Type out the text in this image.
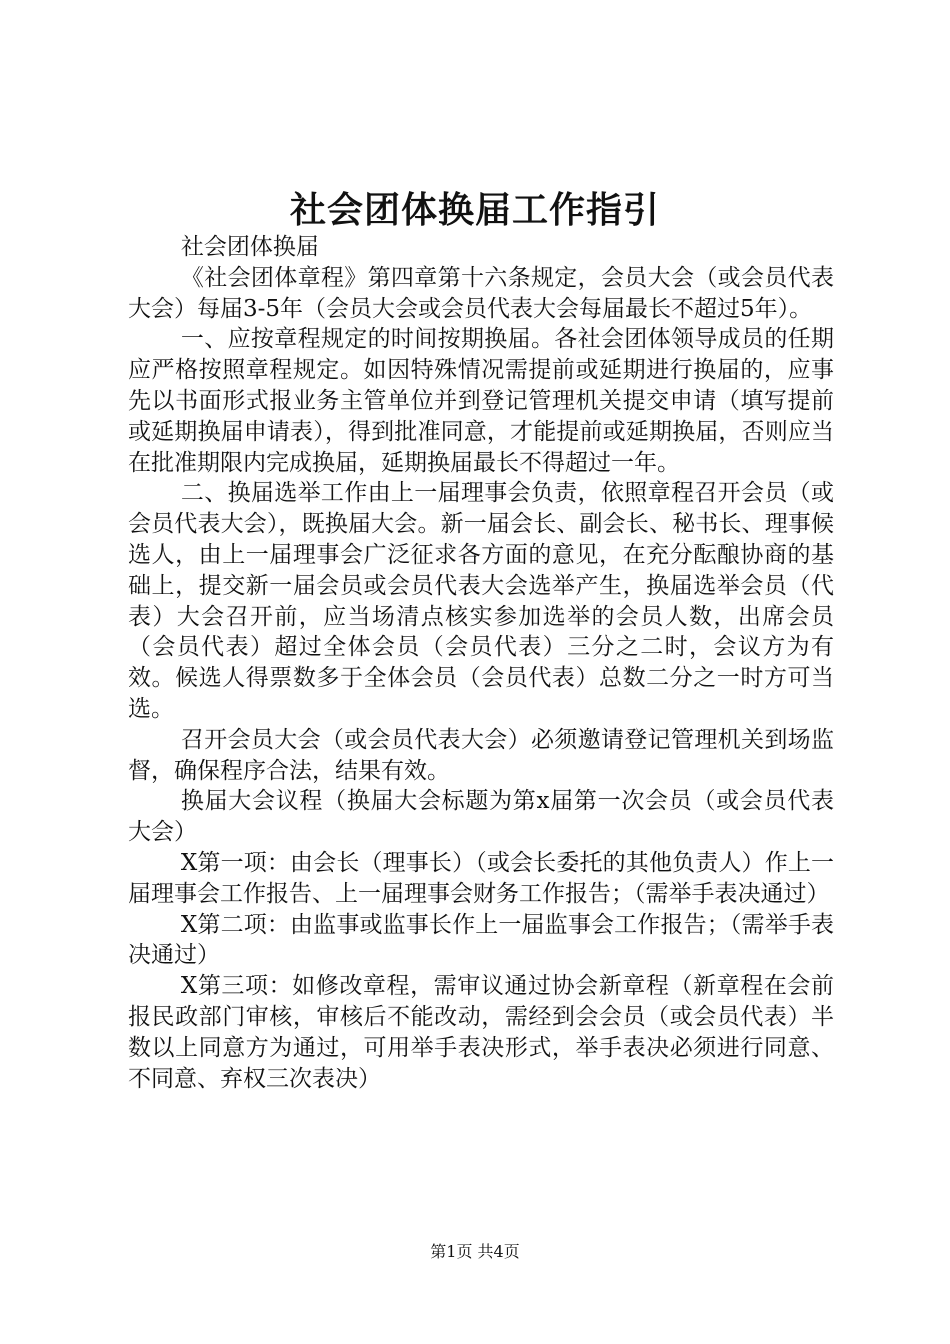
社会团体换届工作指引

社会团体换届

《社会团体章程》第四章第十六条规定，会员大会（或会员代表大会）每届3-5年（会员大会或会员代表大会每届最长不超过5年）。

一、应按章程规定的时间按期换届。各社会团体领导成员的任期应严格按照章程规定。如因特殊情况需提前或延期进行换届的，应事先以书面形式报业务主管单位并到登记管理机关提交申请（填写提前或延期换届申请表），得到批准同意，才能提前或延期换届，否则应当在批准期限内完成换届，延期换届最长不得超过一年。

二、换届选举工作由上一届理事会负责，依照章程召开会员（或会员代表大会），既换届大会。新一届会长、副会长、秘书长、理事候选人，由上一届理事会广泛征求各方面的意见，在充分酝酿协商的基础上，提交新一届会员或会员代表大会选举产生，换届选举会员（代表）大会召开前，应当场清点核实参加选举的会员人数，出席会员（会员代表）超过全体会员（会员代表）三分之二时，会议方为有效。候选人得票数多于全体会员（会员代表）总数二分之一时方可当选。

召开会员大会（或会员代表大会）必须邀请登记管理机关到场监督，确保程序合法，结果有效。

换届大会议程（换届大会标题为第x届第一次会员（或会员代表大会）

X第一项：由会长（理事长）（或会长委托的其他负责人）作上一届理事会工作报告、上一届理事会财务工作报告；（需举手表决通过）

X第二项：由监事或监事长作上一届监事会工作报告；（需举手表决通过）

X第三项：如修改章程，需审议通过协会新章程（新章程在会前报民政部门审核，审核后不能改动，需经到会会员（或会员代表）半数以上同意方为通过，可用举手表决形式，举手表决必须进行同意、不同意、弃权三次表决）

第1页 共4页
